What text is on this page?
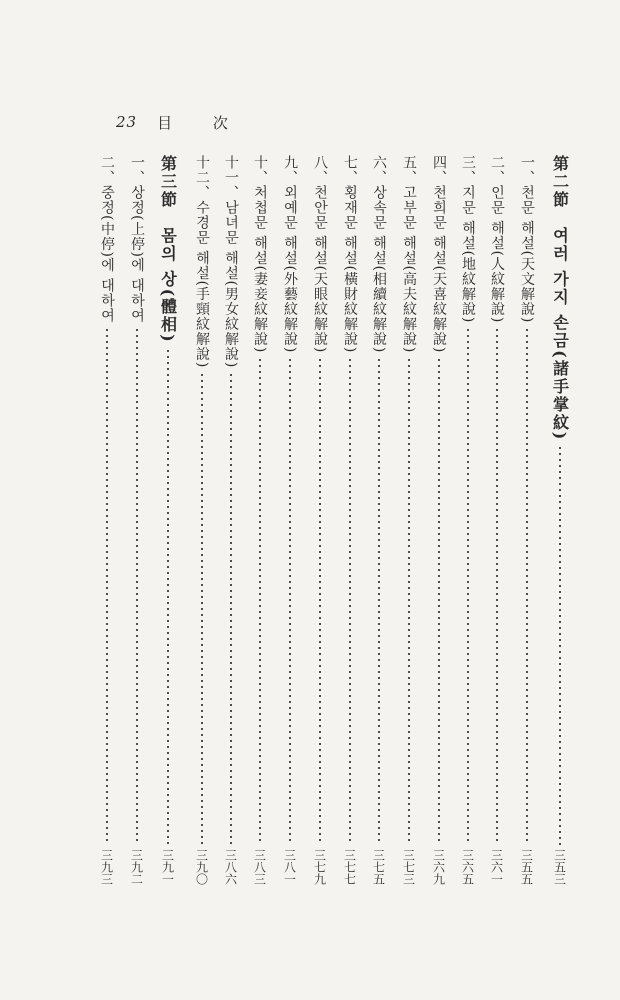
23 目 次
第二節　여러 가지 손금(諸手掌紋)
三五三
一、천문 해설(天文解說)
三五五
二、인문 해설(人紋解說)
三六一
三、지문 해설(地紋解說)
三六五
四、천희문 해설(天喜紋解說)
三六九
五、고부문 해설(高夫紋解說)
三七三
六、상속문 해설(相續紋解說)
三七五
七、횡재문 해설(橫財紋解說)
三七七
八、천안문 해설(天眼紋解說)
三七九
九、외예문 해설(外藝紋解說)
三八一
十、처첩문 해설(妻妾紋解說)
三八三
十一、남녀문 해설(男女紋解說)
三八六
十二、수경문 해설(手頸紋解說)
三九〇
第三節　몸의 상(體相)
三九一
一、상정(上停)에 대하여
三九二
二、중정(中停)에 대하여
三九三
